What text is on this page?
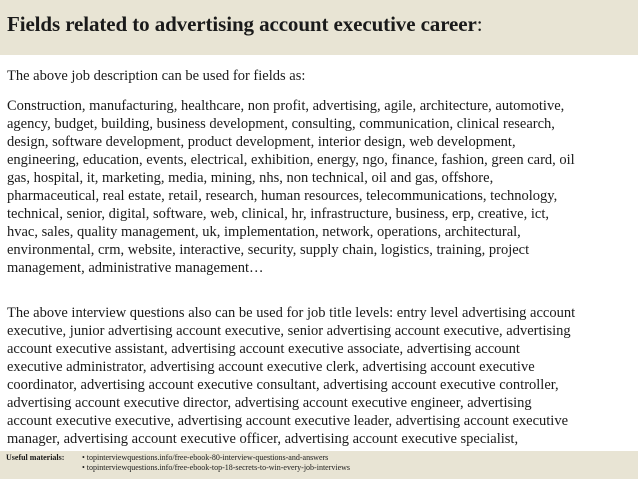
Fields related to advertising account executive career:
The above job description can be used for fields as:
Construction, manufacturing, healthcare, non profit, advertising, agile, architecture, automotive,
agency, budget, building, business development, consulting, communication, clinical research,
design, software development, product development, interior design, web development,
engineering, education, events, electrical, exhibition, energy, ngo, finance, fashion, green card, oil
gas, hospital, it, marketing, media, mining, nhs, non technical, oil and gas, offshore,
pharmaceutical, real estate, retail, research, human resources, telecommunications, technology,
technical, senior, digital, software, web, clinical, hr, infrastructure, business, erp, creative, ict,
hvac, sales, quality management, uk, implementation, network, operations, architectural,
environmental, crm, website, interactive, security, supply chain, logistics, training, project
management, administrative management…
The above interview questions also can be used for job title levels: entry level advertising account
executive, junior advertising account executive, senior advertising account executive, advertising
account executive assistant, advertising account executive associate, advertising account
executive administrator, advertising account executive clerk, advertising account executive
coordinator, advertising account executive consultant, advertising account executive controller,
advertising account executive director, advertising account executive engineer, advertising
account executive executive, advertising account executive leader, advertising account executive
manager, advertising account executive officer, advertising account executive specialist,
Useful materials: • topinterviewquestions.info/free-ebook-80-interview-questions-and-answers
• topinterviewquestions.info/free-ebook-top-18-secrets-to-win-every-job-interviews
